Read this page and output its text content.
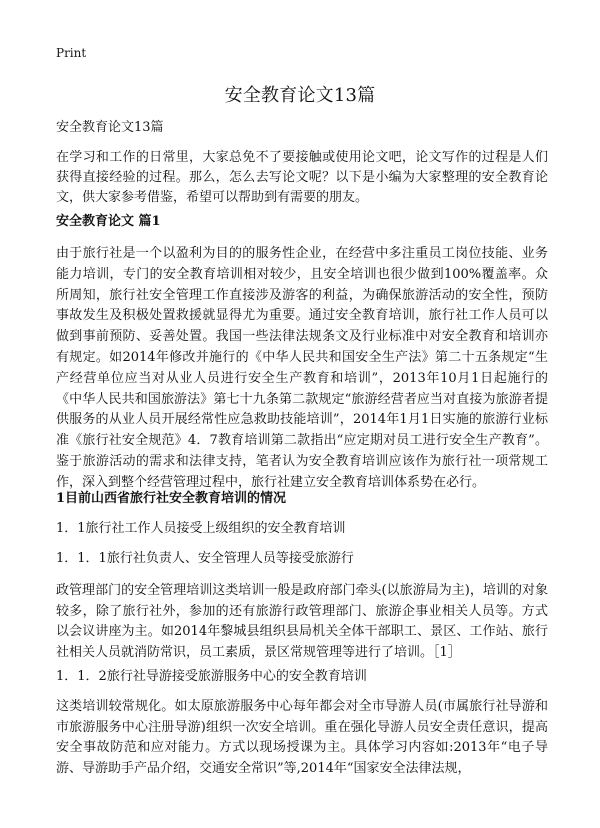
Print
安全教育论文13篇
安全教育论文13篇
在学习和工作的日常里，大家总免不了要接触或使用论文吧，论文写作的过程是人们获得直接经验的过程。那么，怎么去写论文呢？以下是小编为大家整理的安全教育论文，供大家参考借鉴，希望可以帮助到有需要的朋友。
安全教育论文 篇1
由于旅行社是一个以盈利为目的的服务性企业，在经营中多注重员工岗位技能、业务能力培训，专门的安全教育培训相对较少，且安全培训也很少做到100%覆盖率。众所周知，旅行社安全管理工作直接涉及游客的利益，为确保旅游活动的安全性，预防事故发生及积极处置救援就显得尤为重要。通过安全教育培训，旅行社工作人员可以做到事前预防、妥善处置。我国一些法律法规条文及行业标准中对安全教育和培训亦有规定。如2014年修改并施行的《中华人民共和国安全生产法》第二十五条规定“生产经营单位应当对从业人员进行安全生产教育和培训”，2013年10月1日起施行的《中华人民共和国旅游法》第七十九条第二款规定“旅游经营者应当对直接为旅游者提供服务的从业人员开展经常性应急救助技能培训”，2014年1月1日实施的旅游行业标准《旅行社安全规范》4．7教育培训第二款指出“应定期对员工进行安全生产教育”。鉴于旅游活动的需求和法律支持，笔者认为安全教育培训应该作为旅行社一项常规工作，深入到整个经营管理过程中，旅行社建立安全教育培训体系势在必行。
1目前山西省旅行社安全教育培训的情况
1．1旅行社工作人员接受上级组织的安全教育培训
1．1．1旅行社负责人、安全管理人员等接受旅游行
政管理部门的安全管理培训这类培训一般是政府部门牵头(以旅游局为主)，培训的对象较多，除了旅行社外，参加的还有旅游行政管理部门、旅游企事业相关人员等。方式以会议讲座为主。如2014年黎城县组织县局机关全体干部职工、景区、工作站、旅行社相关人员就消防常识，员工素质，景区常规管理等进行了培训。［1］
1．1．2旅行社导游接受旅游服务中心的安全教育培训
这类培训较常规化。如太原旅游服务中心每年都会对全市导游人员(市属旅行社导游和市旅游服务中心注册导游)组织一次安全培训。重在强化导游人员安全责任意识，提高安全事故防范和应对能力。方式以现场授课为主。具体学习内容如:2013年“电子导游、导游助手产品介绍，交通安全常识”等,2014年“国家安全法律法规，
